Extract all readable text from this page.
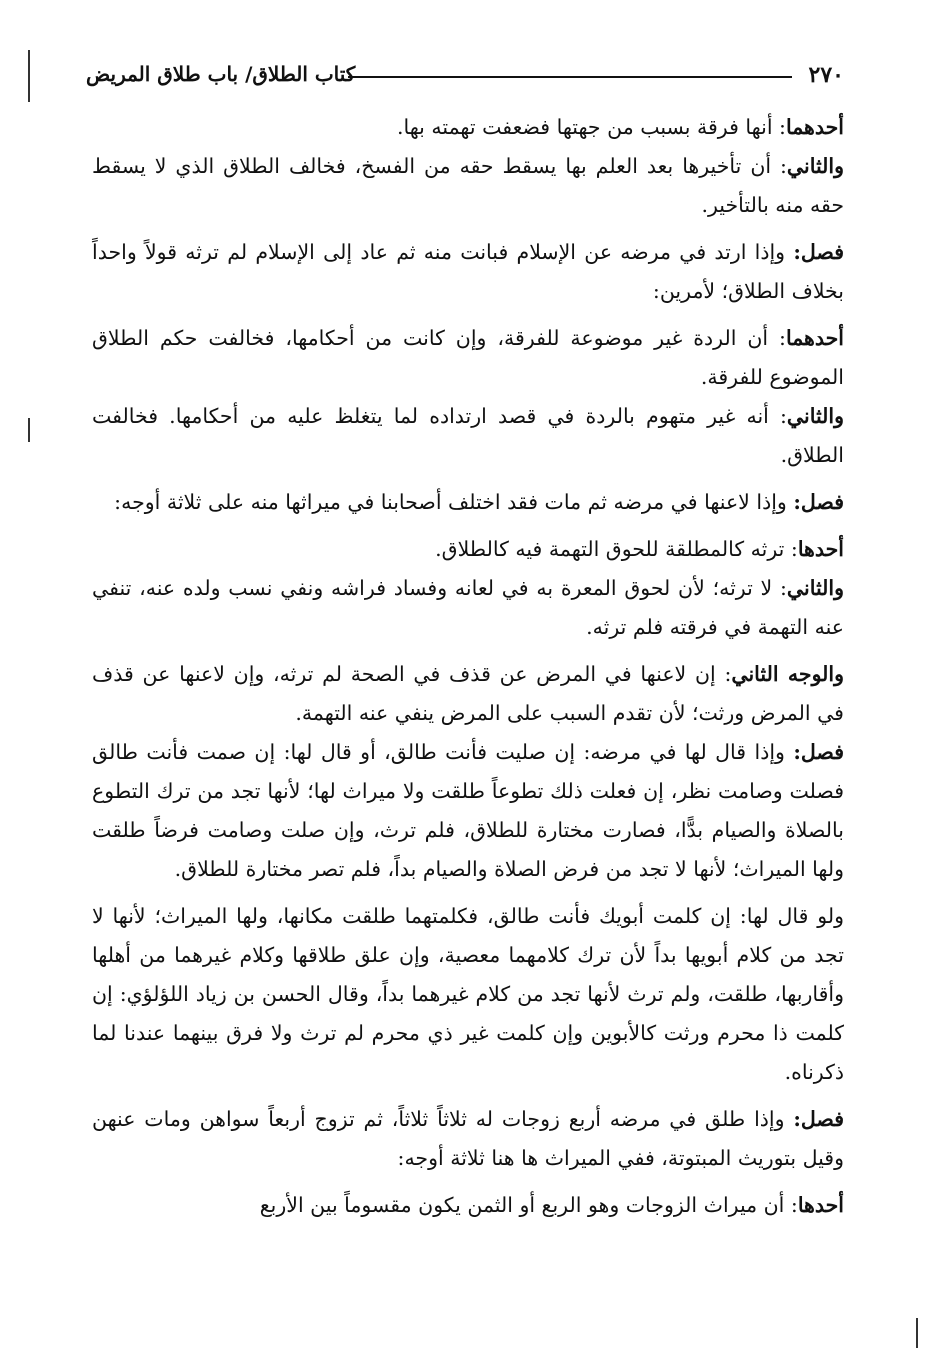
٢٧٠
كتاب الطلاق/ باب طلاق المريض

أحدهما: أنها فرقة بسبب من جهتها فضعفت تهمته بها.

والثاني: أن تأخيرها بعد العلم بها يسقط حقه من الفسخ، فخالف الطلاق الذي لا يسقط حقه منه بالتأخير.

فصل: وإذا ارتد في مرضه عن الإسلام فبانت منه ثم عاد إلى الإسلام لم ترثه قولاً واحداً بخلاف الطلاق؛ لأمرين:

أحدهما: أن الردة غير موضوعة للفرقة، وإن كانت من أحكامها، فخالفت حكم الطلاق الموضوع للفرقة.

والثاني: أنه غير متهوم بالردة في قصد ارتداده لما يتغلظ عليه من أحكامها. فخالفت الطلاق.

فصل: وإذا لاعنها في مرضه ثم مات فقد اختلف أصحابنا في ميراثها منه على ثلاثة أوجه:

أحدها: ترثه كالمطلقة للحوق التهمة فيه كالطلاق.

والثاني: لا ترثه؛ لأن لحوق المعرة به في لعانه وفساد فراشه ونفي نسب ولده عنه، تنفي عنه التهمة في فرقته فلم ترثه.

والوجه الثاني: إن لاعنها في المرض عن قذف في الصحة لم ترثه، وإن لاعنها عن قذف في المرض ورثت؛ لأن تقدم السبب على المرض ينفي عنه التهمة.

فصل: وإذا قال لها في مرضه: إن صليت فأنت طالق، أو قال لها: إن صمت فأنت طالق فصلت وصامت نظر، إن فعلت ذلك تطوعاً طلقت ولا ميراث لها؛ لأنها تجد من ترك التطوع بالصلاة والصيام بدًّا، فصارت مختارة للطلاق، فلم ترث، وإن صلت وصامت فرضاً طلقت ولها الميراث؛ لأنها لا تجد من فرض الصلاة والصيام بداً، فلم تصر مختارة للطلاق.

ولو قال لها: إن كلمت أبويك فأنت طالق، فكلمتهما طلقت مكانها، ولها الميراث؛ لأنها لا تجد من كلام أبويها بداً لأن ترك كلامهما معصية، وإن علق طلاقها وكلام غيرهما من أهلها وأقاربها، طلقت، ولم ترث لأنها تجد من كلام غيرهما بداً، وقال الحسن بن زياد اللؤلؤي: إن كلمت ذا محرم ورثت كالأبوين وإن كلمت غير ذي محرم لم ترث ولا فرق بينهما عندنا لما ذكرناه.

فصل: وإذا طلق في مرضه أربع زوجات له ثلاثاً ثلاثاً، ثم تزوج أربعاً سواهن ومات عنهن وقيل بتوريث المبتوتة، ففي الميراث ها هنا ثلاثة أوجه:

أحدها: أن ميراث الزوجات وهو الربع أو الثمن يكون مقسوماً بين الأربع
